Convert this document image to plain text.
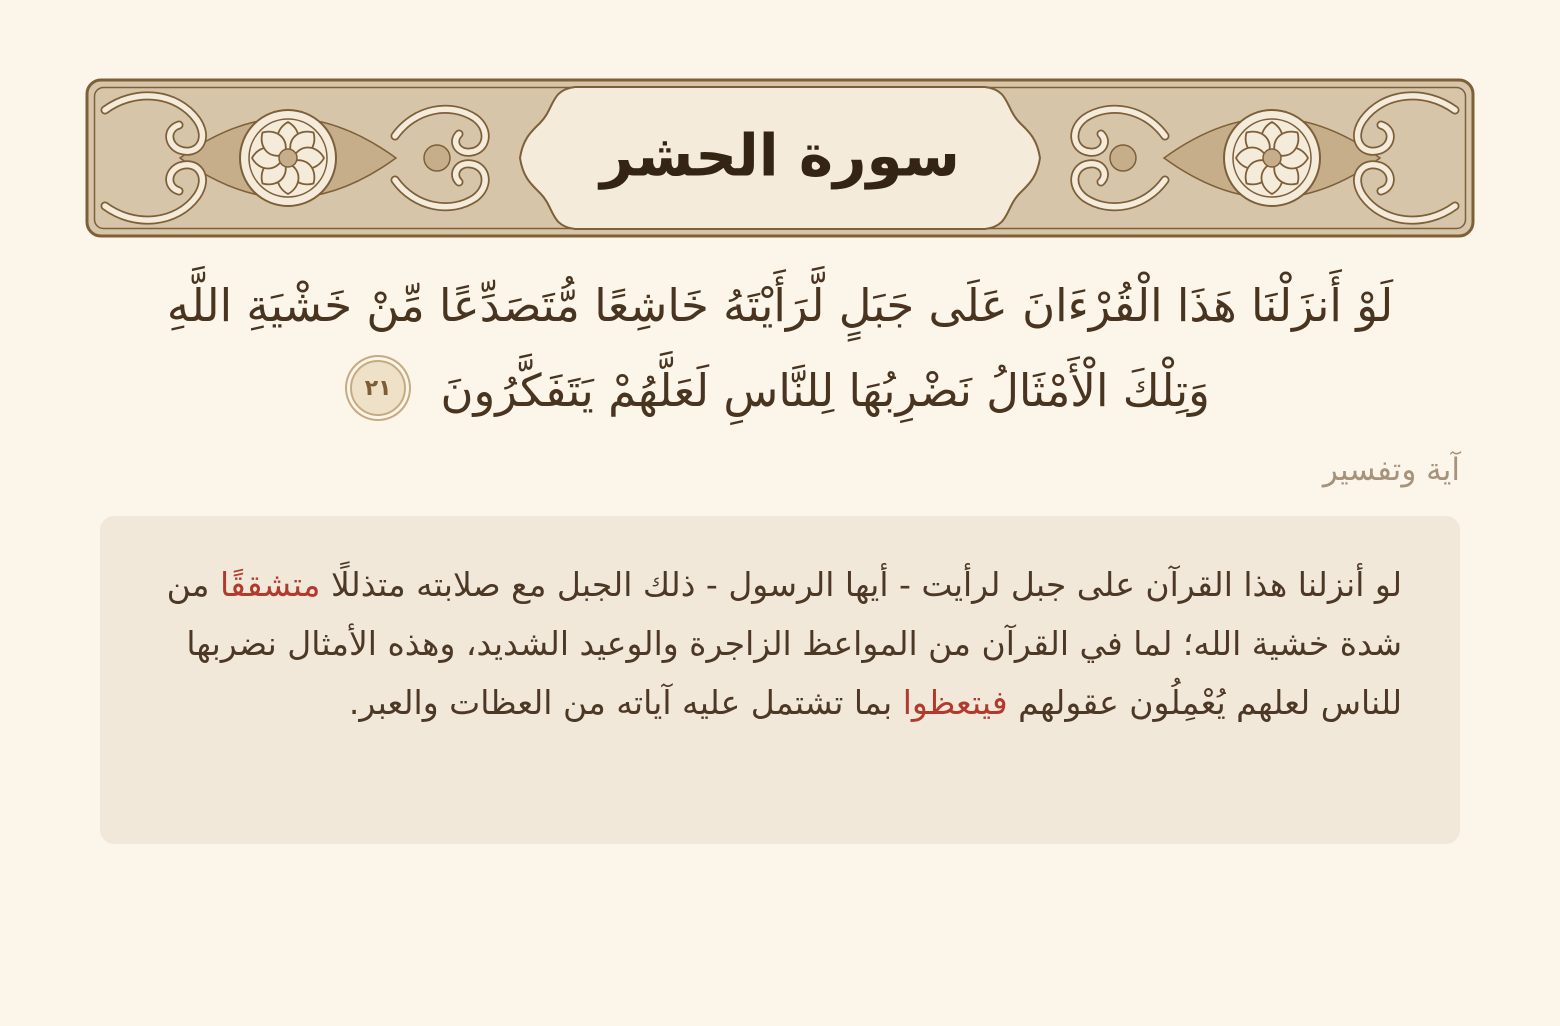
سورة الحشر
لَوْ أَنزَلْنَا هَذَا الْقُرْءَانَ عَلَى جَبَلٍ لَّرَأَيْتَهُ خَاشِعًا مُّتَصَدِّعًا مِّنْ خَشْيَةِ اللَّهِ
وَتِلْكَ الْأَمْثَالُ نَضْرِبُهَا لِلنَّاسِ لَعَلَّهُمْ يَتَفَكَّرُونَ ٢١
آية وتفسير

لو أنزلنا هذا القرآن على جبل لرأيت - أيها الرسول - ذلك الجبل مع صلابته متذللًا متشققًا من شدة خشية الله؛ لما في القرآن من المواعظ الزاجرة والوعيد الشديد، وهذه الأمثال نضربها للناس لعلهم يُعْمِلُون عقولهم فيتعظوا بما تشتمل عليه آياته من العظات والعبر.
